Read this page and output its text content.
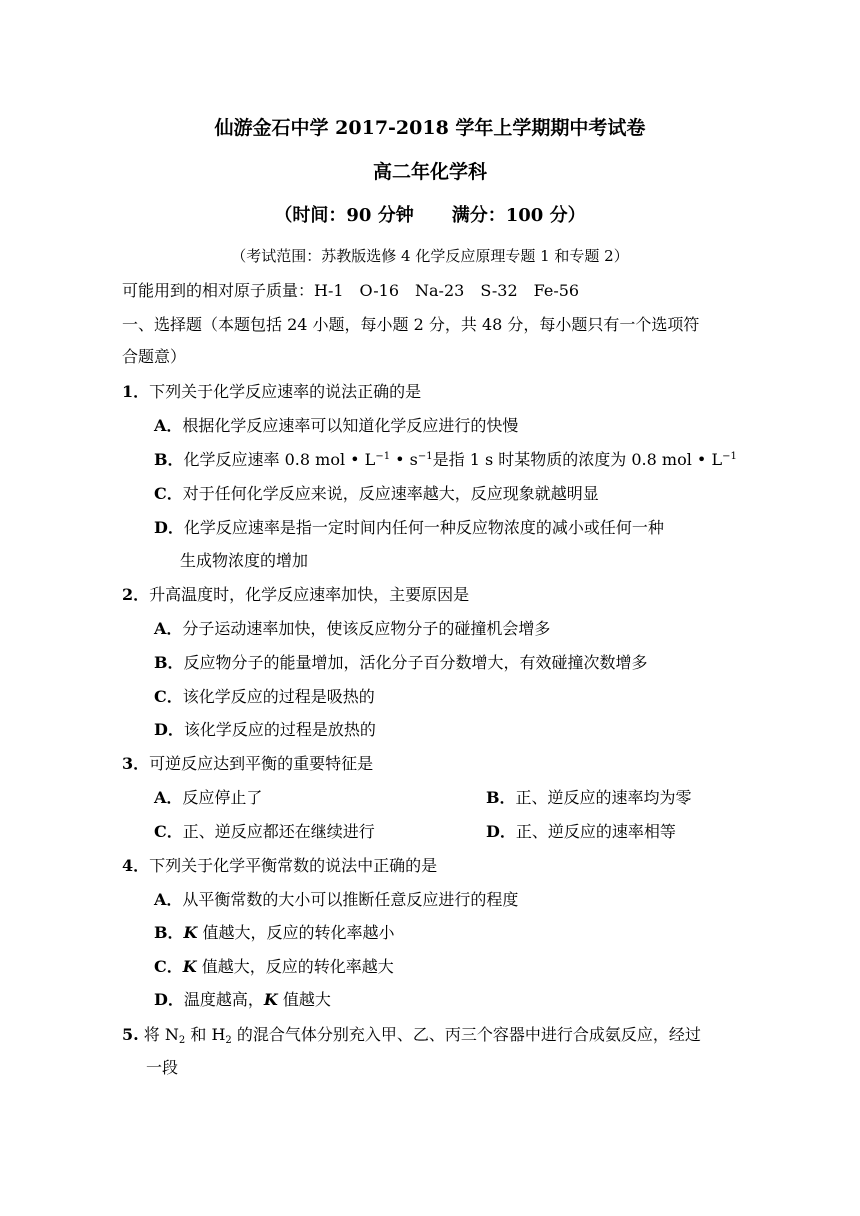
仙游金石中学 2017-2018 学年上学期期中考试卷
高二年化学科
（时间：90 分钟 满分：100 分）
（考试范围：苏教版选修 4 化学反应原理专题 1 和专题 2）
可能用到的相对原子质量：H-1　O-16　Na-23　S-32　Fe-56
一、选择题（本题包括 24 小题，每小题 2 分，共 48 分，每小题只有一个选项符
合题意）
1．下列关于化学反应速率的说法正确的是
A．根据化学反应速率可以知道化学反应进行的快慢
B．化学反应速率 0.8 mol • $L^{-1}$ • $s^{-1}$是指 1 s 时某物质的浓度为 0.8 mol • $L^{-1}$
C．对于任何化学反应来说，反应速率越大，反应现象就越明显
D．化学反应速率是指一定时间内任何一种反应物浓度的减小或任何一种
生成物浓度的增加
2．升高温度时，化学反应速率加快，主要原因是
A．分子运动速率加快，使该反应物分子的碰撞机会增多
B．反应物分子的能量增加，活化分子百分数增大，有效碰撞次数增多
C．该化学反应的过程是吸热的
D．该化学反应的过程是放热的
3．可逆反应达到平衡的重要特征是
A．反应停止了	B．正、逆反应的速率均为零
C．正、逆反应都还在继续进行	D．正、逆反应的速率相等
4．下列关于化学平衡常数的说法中正确的是
A．从平衡常数的大小可以推断任意反应进行的程度
B．K 值越大，反应的转化率越小
C．K 值越大，反应的转化率越大
D．温度越高，K 值越大
5. 将 $N_2$ 和 $H_2$ 的混合气体分别充入甲、乙、丙三个容器中进行合成氨反应，经过
一段
